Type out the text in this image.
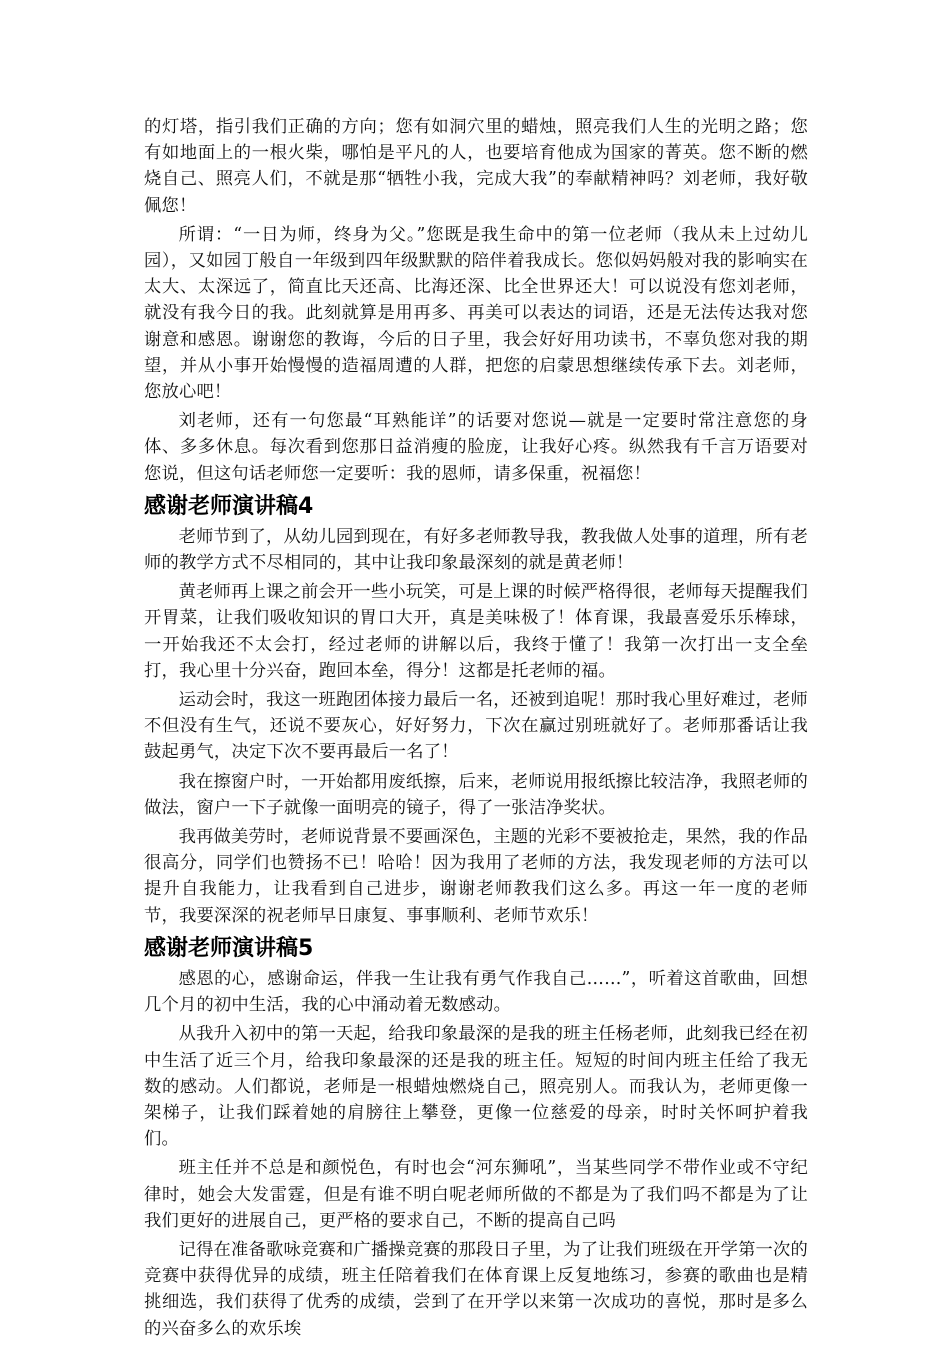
的灯塔，指引我们正确的方向；您有如洞穴里的蜡烛，照亮我们人生的光明之路；您有如地面上的一根火柴，哪怕是平凡的人，也要培育他成为国家的菁英。您不断的燃烧自己、照亮人们，不就是那“牺牲小我，完成大我”的奉献精神吗？刘老师，我好敬佩您！

所谓：“一日为师，终身为父。”您既是我生命中的第一位老师（我从未上过幼儿园），又如园丁般自一年级到四年级默默的陪伴着我成长。您似妈妈般对我的影响实在太大、太深远了，简直比天还高、比海还深、比全世界还大！可以说没有您刘老师，就没有我今日的我。此刻就算是用再多、再美可以表达的词语，还是无法传达我对您谢意和感恩。谢谢您的教诲，今后的日子里，我会好好用功读书，不辜负您对我的期望，并从小事开始慢慢的造福周遭的人群，把您的启蒙思想继续传承下去。刘老师，您放心吧！

刘老师，还有一句您最“耳熟能详”的话要对您说—就是一定要时常注意您的身体、多多休息。每次看到您那日益消瘦的脸庞，让我好心疼。纵然我有千言万语要对您说，但这句话老师您一定要听：我的恩师，请多保重，祝福您！

感谢老师演讲稿4

老师节到了，从幼儿园到现在，有好多老师教导我，教我做人处事的道理，所有老师的教学方式不尽相同的，其中让我印象最深刻的就是黄老师！

黄老师再上课之前会开一些小玩笑，可是上课的时候严格得很，老师每天提醒我们开胃菜，让我们吸收知识的胃口大开，真是美味极了！体育课，我最喜爱乐乐棒球，一开始我还不太会打，经过老师的讲解以后，我终于懂了！我第一次打出一支全垒打，我心里十分兴奋，跑回本垒，得分！这都是托老师的福。

运动会时，我这一班跑团体接力最后一名，还被到追呢！那时我心里好难过，老师不但没有生气，还说不要灰心，好好努力，下次在赢过别班就好了。老师那番话让我鼓起勇气，决定下次不要再最后一名了！

我在擦窗户时，一开始都用废纸擦，后来，老师说用报纸擦比较洁净，我照老师的做法，窗户一下子就像一面明亮的镜子，得了一张洁净奖状。

我再做美劳时，老师说背景不要画深色，主题的光彩不要被抢走，果然，我的作品很高分，同学们也赞扬不已！哈哈！因为我用了老师的方法，我发现老师的方法可以提升自我能力，让我看到自己进步，谢谢老师教我们这么多。再这一年一度的老师节，我要深深的祝老师早日康复、事事顺利、老师节欢乐！

感谢老师演讲稿5

感恩的心，感谢命运，伴我一生让我有勇气作我自己……”，听着这首歌曲，回想几个月的初中生活，我的心中涌动着无数感动。

从我升入初中的第一天起，给我印象最深的是我的班主任杨老师，此刻我已经在初中生活了近三个月，给我印象最深的还是我的班主任。短短的时间内班主任给了我无数的感动。人们都说，老师是一根蜡烛燃烧自己，照亮别人。而我认为，老师更像一架梯子，让我们踩着她的肩膀往上攀登，更像一位慈爱的母亲，时时关怀呵护着我们。

班主任并不总是和颜悦色，有时也会“河东狮吼”，当某些同学不带作业或不守纪律时，她会大发雷霆，但是有谁不明白呢老师所做的不都是为了我们吗不都是为了让我们更好的进展自己，更严格的要求自己，不断的提高自己吗

记得在准备歌咏竞赛和广播操竞赛的那段日子里，为了让我们班级在开学第一次的竞赛中获得优异的成绩，班主任陪着我们在体育课上反复地练习，参赛的歌曲也是精挑细选，我们获得了优秀的成绩，尝到了在开学以来第一次成功的喜悦，那时是多么的兴奋多么的欢乐埃
